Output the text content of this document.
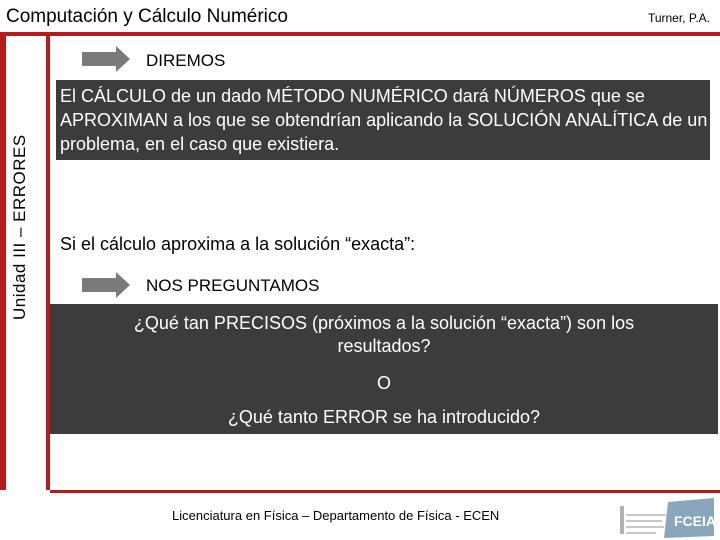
Computación y Cálculo Numérico	Turner, P.A.
Unidad III – ERRORES
DIREMOS
El CÁLCULO de un dado MÉTODO NUMÉRICO dará NÚMEROS que se APROXIMAN a los que se obtendrían aplicando la SOLUCIÓN ANALÍTICA de un problema, en el caso que existiera.
Si el cálculo aproxima a la solución “exacta”:
NOS PREGUNTAMOS
¿Qué tan PRECISOS (próximos a la solución “exacta”) son los resultados?
O
¿Qué tanto ERROR se ha introducido?
Licenciatura en Física – Departamento de Física - ECEN	FCEIA
